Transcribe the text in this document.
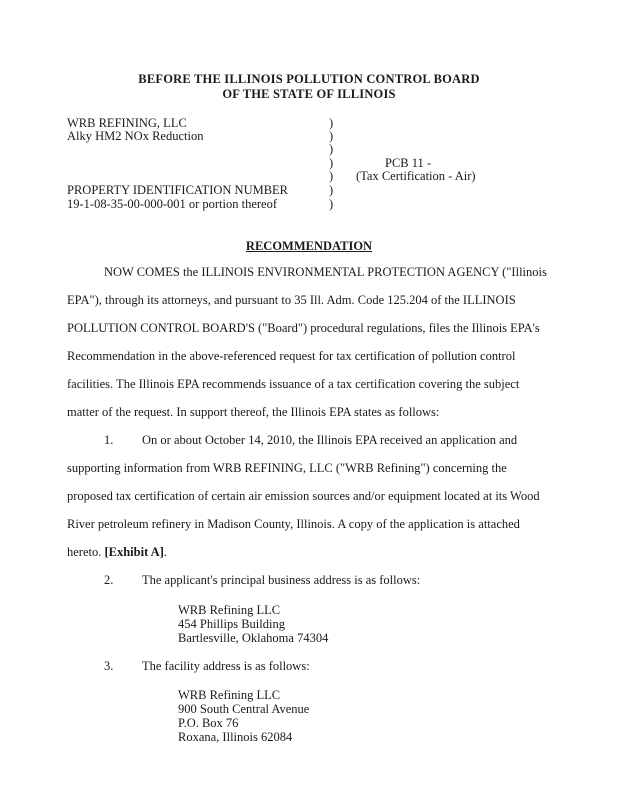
BEFORE THE ILLINOIS POLLUTION CONTROL BOARD
OF THE STATE OF ILLINOIS
WRB REFINING, LLC
Alky HM2 NOx Reduction
PROPERTY IDENTIFICATION NUMBER
19-1-08-35-00-000-001 or portion thereof
)
)
)
)
)
)
)
PCB 11 -
(Tax Certification - Air)
RECOMMENDATION
NOW COMES the ILLINOIS ENVIRONMENTAL PROTECTION AGENCY ("Illinois
EPA"), through its attorneys, and pursuant to 35 Ill. Adm. Code 125.204 of the ILLINOIS
POLLUTION CONTROL BOARD'S ("Board") procedural regulations, files the Illinois EPA's
Recommendation in the above-referenced request for tax certification of pollution control
facilities. The Illinois EPA recommends issuance of a tax certification covering the subject
matter of the request. In support thereof, the Illinois EPA states as follows:
1. On or about October 14, 2010, the Illinois EPA received an application and
supporting information from WRB REFINING, LLC ("WRB Refining") concerning the
proposed tax certification of certain air emission sources and/or equipment located at its Wood
River petroleum refinery in Madison County, Illinois. A copy of the application is attached
hereto. [Exhibit A].
2. The applicant's principal business address is as follows:
WRB Refining LLC
454 Phillips Building
Bartlesville, Oklahoma 74304
3. The facility address is as follows:
WRB Refining LLC
900 South Central Avenue
P.O. Box 76
Roxana, Illinois 62084
